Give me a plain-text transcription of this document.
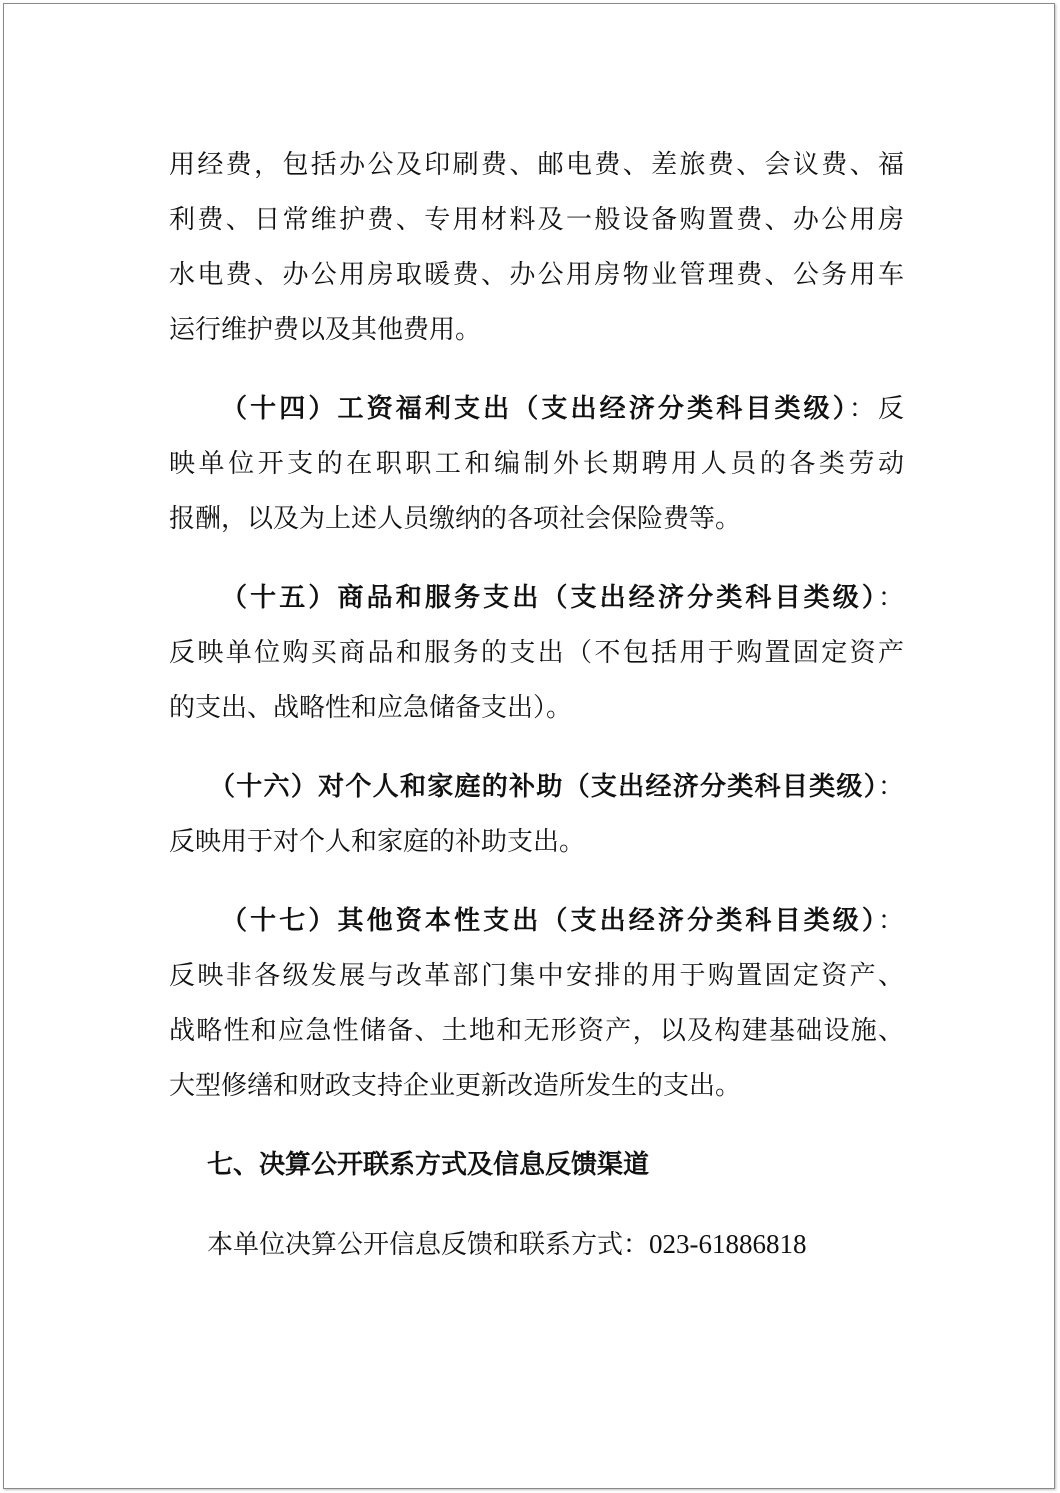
用经费，包括办公及印刷费、邮电费、差旅费、会议费、福
利费、日常维护费、专用材料及一般设备购置费、办公用房
水电费、办公用房取暖费、办公用房物业管理费、公务用车
运行维护费以及其他费用。
（十四）工资福利支出（支出经济分类科目类级）：反
映单位开支的在职职工和编制外长期聘用人员的各类劳动
报酬，以及为上述人员缴纳的各项社会保险费等。
（十五）商品和服务支出（支出经济分类科目类级）：
反映单位购买商品和服务的支出（不包括用于购置固定资产
的支出、战略性和应急储备支出）。
（十六）对个人和家庭的补助（支出经济分类科目类级）：
反映用于对个人和家庭的补助支出。
（十七）其他资本性支出（支出经济分类科目类级）：
反映非各级发展与改革部门集中安排的用于购置固定资产、
战略性和应急性储备、土地和无形资产，以及构建基础设施、
大型修缮和财政支持企业更新改造所发生的支出。
七、决算公开联系方式及信息反馈渠道
本单位决算公开信息反馈和联系方式：023-61886818
